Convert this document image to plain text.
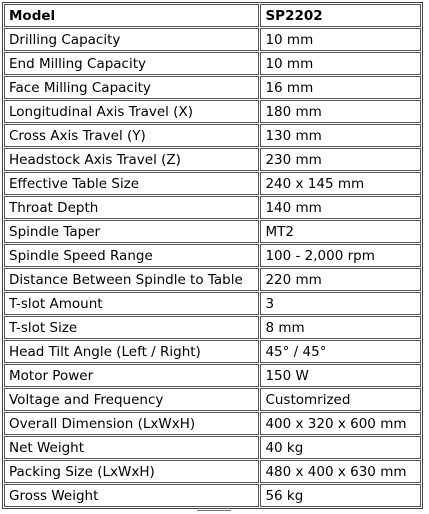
Model	SP2202
Drilling Capacity	10 mm
End Milling Capacity	10 mm
Face Milling Capacity	16 mm
Longitudinal Axis Travel (X)	180 mm
Cross Axis Travel (Y)	130 mm
Headstock Axis Travel (Z)	230 mm
Effective Table Size	240 x 145 mm
Throat Depth	140 mm
Spindle Taper	MT2
Spindle Speed Range	100 - 2,000 rpm
Distance Between Spindle to Table	220 mm
T-slot Amount	3
T-slot Size	8 mm
Head Tilt Angle (Left / Right)	45° / 45°
Motor Power	150 W
Voltage and Frequency	Customrized
Overall Dimension (LxWxH)	400 x 320 x 600 mm
Net Weight	40 kg
Packing Size (LxWxH)	480 x 400 x 630 mm
Gross Weight	56 kg
